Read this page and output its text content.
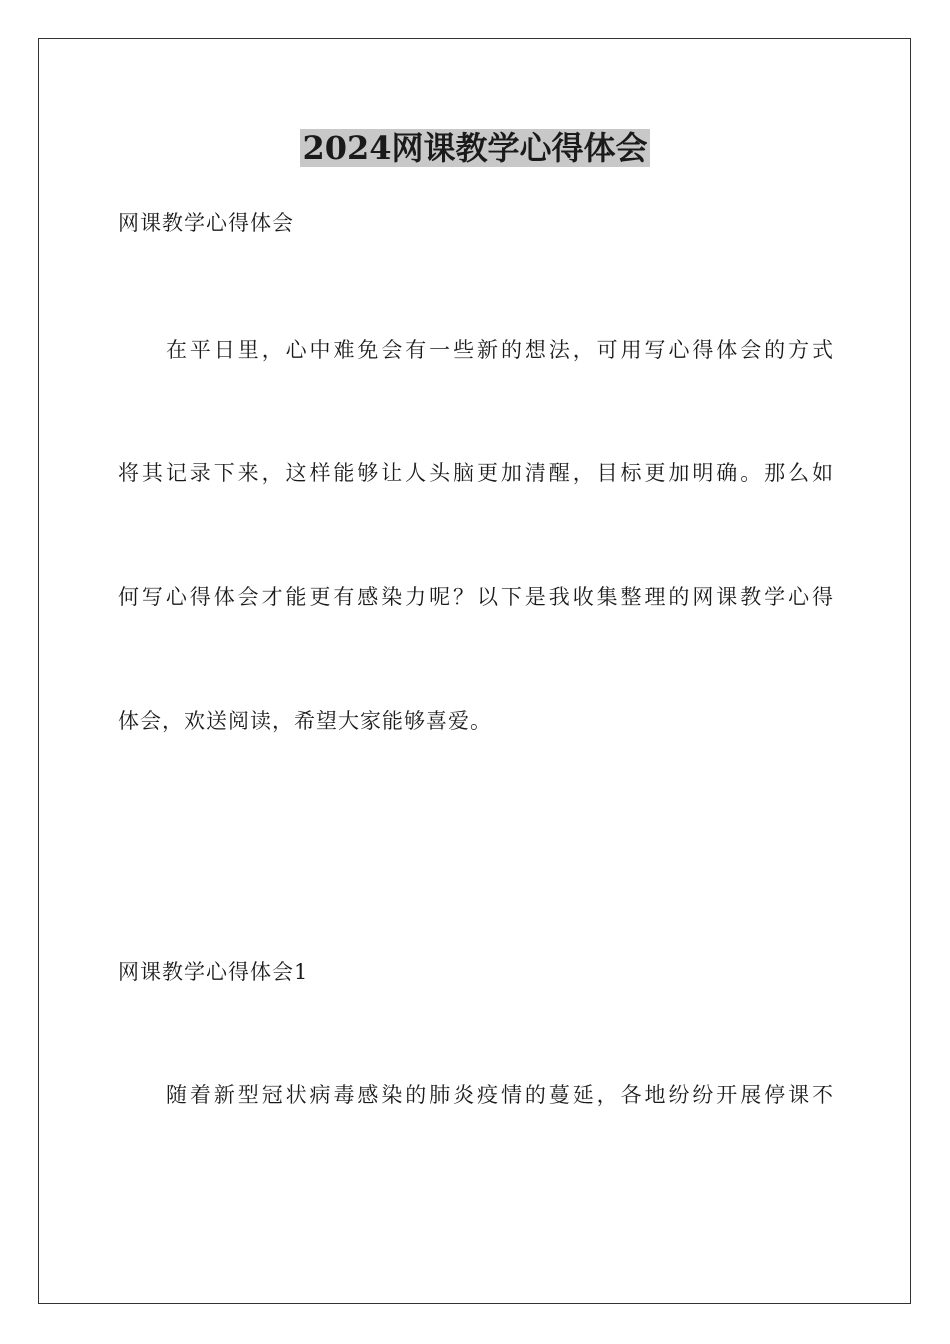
2024网课教学心得体会

网课教学心得体会

在平日里，心中难免会有一些新的想法，可用写心得体会的方式

将其记录下来，这样能够让人头脑更加清醒，目标更加明确。那么如

何写心得体会才能更有感染力呢？以下是我收集整理的网课教学心得

体会，欢送阅读，希望大家能够喜爱。

网课教学心得体会1

随着新型冠状病毒感染的肺炎疫情的蔓延，各地纷纷开展停课不
